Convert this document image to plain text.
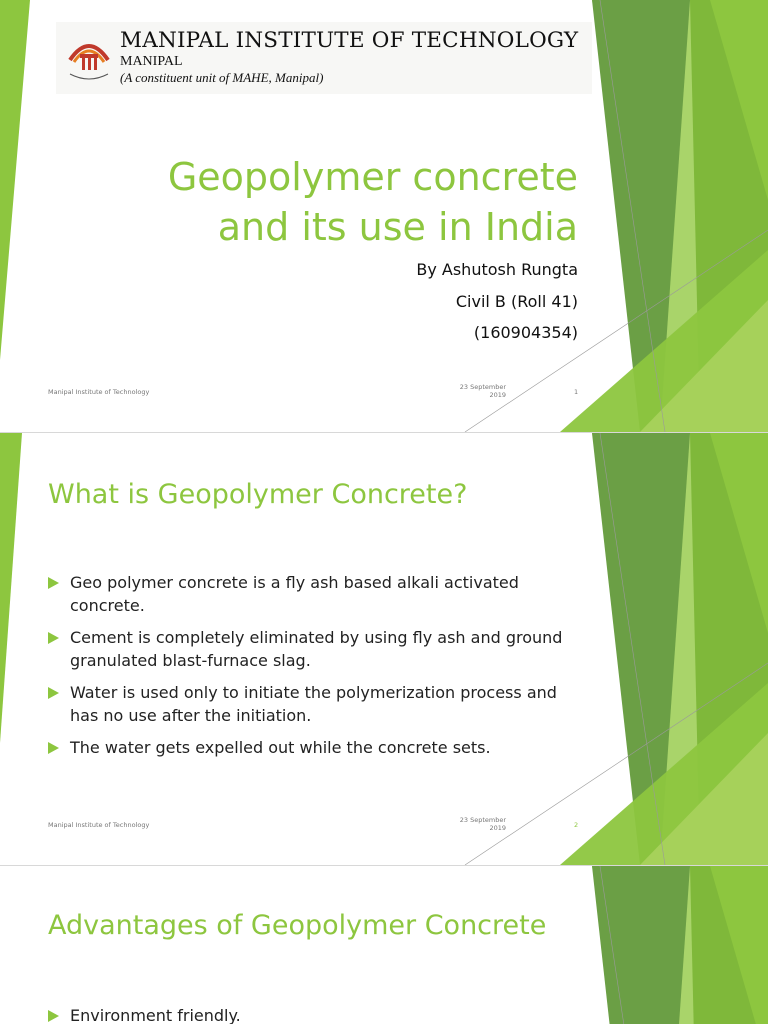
MANIPAL INSTITUTE OF TECHNOLOGY
MANIPAL
(A constituent unit of MAHE, Manipal)
Geopolymer concrete
and its use in India
By Ashutosh Rungta
Civil B (Roll 41)
(160904354)
Manipal Institute of Technology
23 September
2019	1
What is Geopolymer Concrete?
Geo polymer concrete is a fly ash based alkali activated concrete.
Cement is completely eliminated by using fly ash and ground granulated blast-furnace slag.
Water is used only to initiate the polymerization process and has no use after the initiation.
The water gets expelled out while the concrete sets.
Manipal Institute of Technology
23 September
2019	2
Advantages of Geopolymer Concrete
Environment friendly.
